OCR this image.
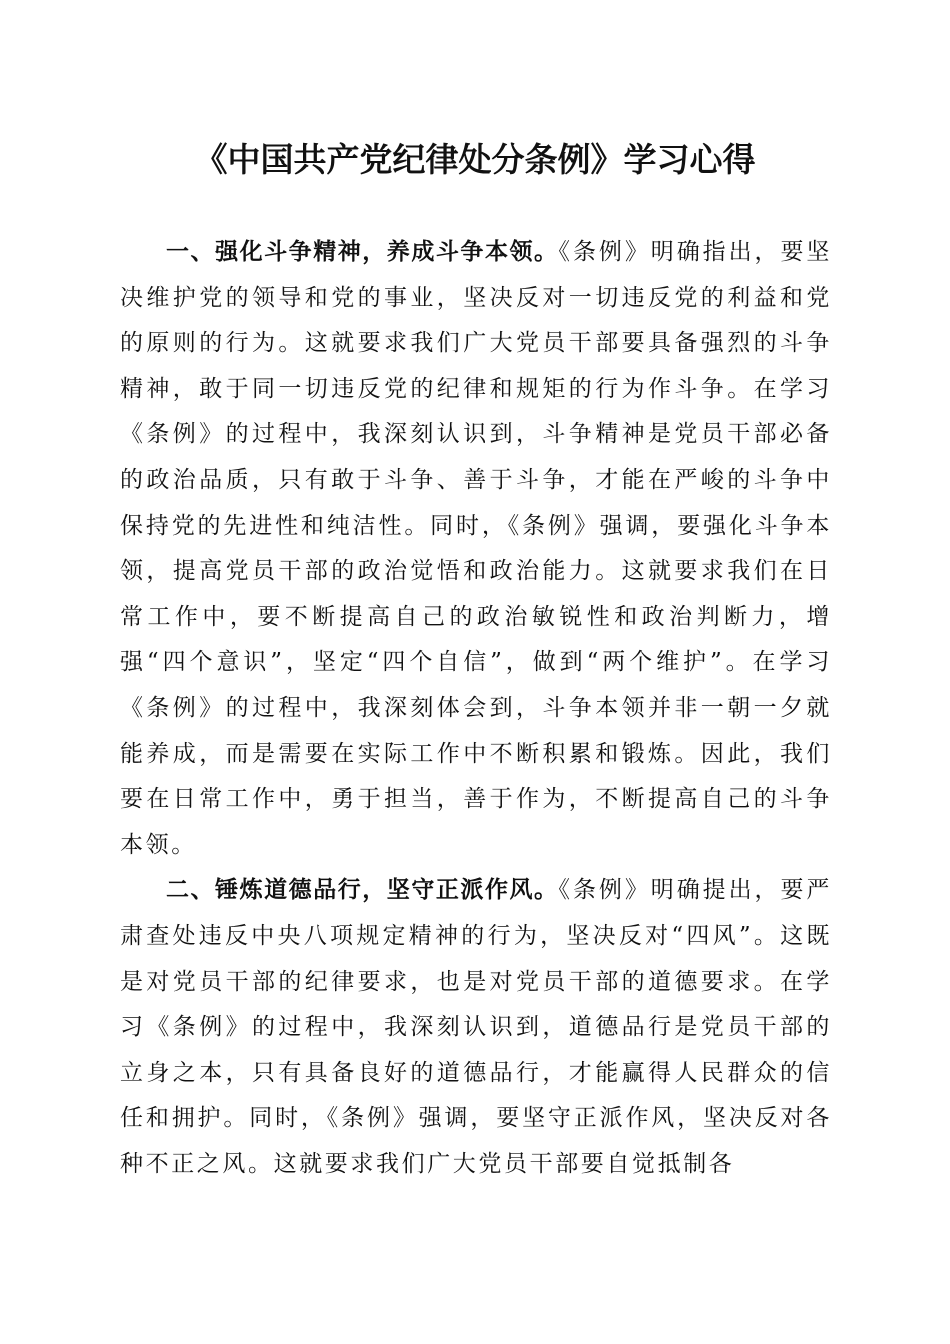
《中国共产党纪律处分条例》学习心得

一、强化斗争精神，养成斗争本领。《条例》明确指出，要坚决维护党的领导和党的事业，坚决反对一切违反党的利益和党的原则的行为。这就要求我们广大党员干部要具备强烈的斗争精神，敢于同一切违反党的纪律和规矩的行为作斗争。在学习《条例》的过程中，我深刻认识到，斗争精神是党员干部必备的政治品质，只有敢于斗争、善于斗争，才能在严峻的斗争中保持党的先进性和纯洁性。同时，《条例》强调，要强化斗争本领，提高党员干部的政治觉悟和政治能力。这就要求我们在日常工作中，要不断提高自己的政治敏锐性和政治判断力，增强“四个意识”，坚定“四个自信”，做到“两个维护”。在学习《条例》的过程中，我深刻体会到，斗争本领并非一朝一夕就能养成，而是需要在实际工作中不断积累和锻炼。因此，我们要在日常工作中，勇于担当，善于作为，不断提高自己的斗争本领。

二、锤炼道德品行，坚守正派作风。《条例》明确提出，要严肃查处违反中央八项规定精神的行为，坚决反对“四风”。这既是对党员干部的纪律要求，也是对党员干部的道德要求。在学习《条例》的过程中，我深刻认识到，道德品行是党员干部的立身之本，只有具备良好的道德品行，才能赢得人民群众的信任和拥护。同时，《条例》强调，要坚守正派作风，坚决反对各种不正之风。这就要求我们广大党员干部要自觉抵制各
